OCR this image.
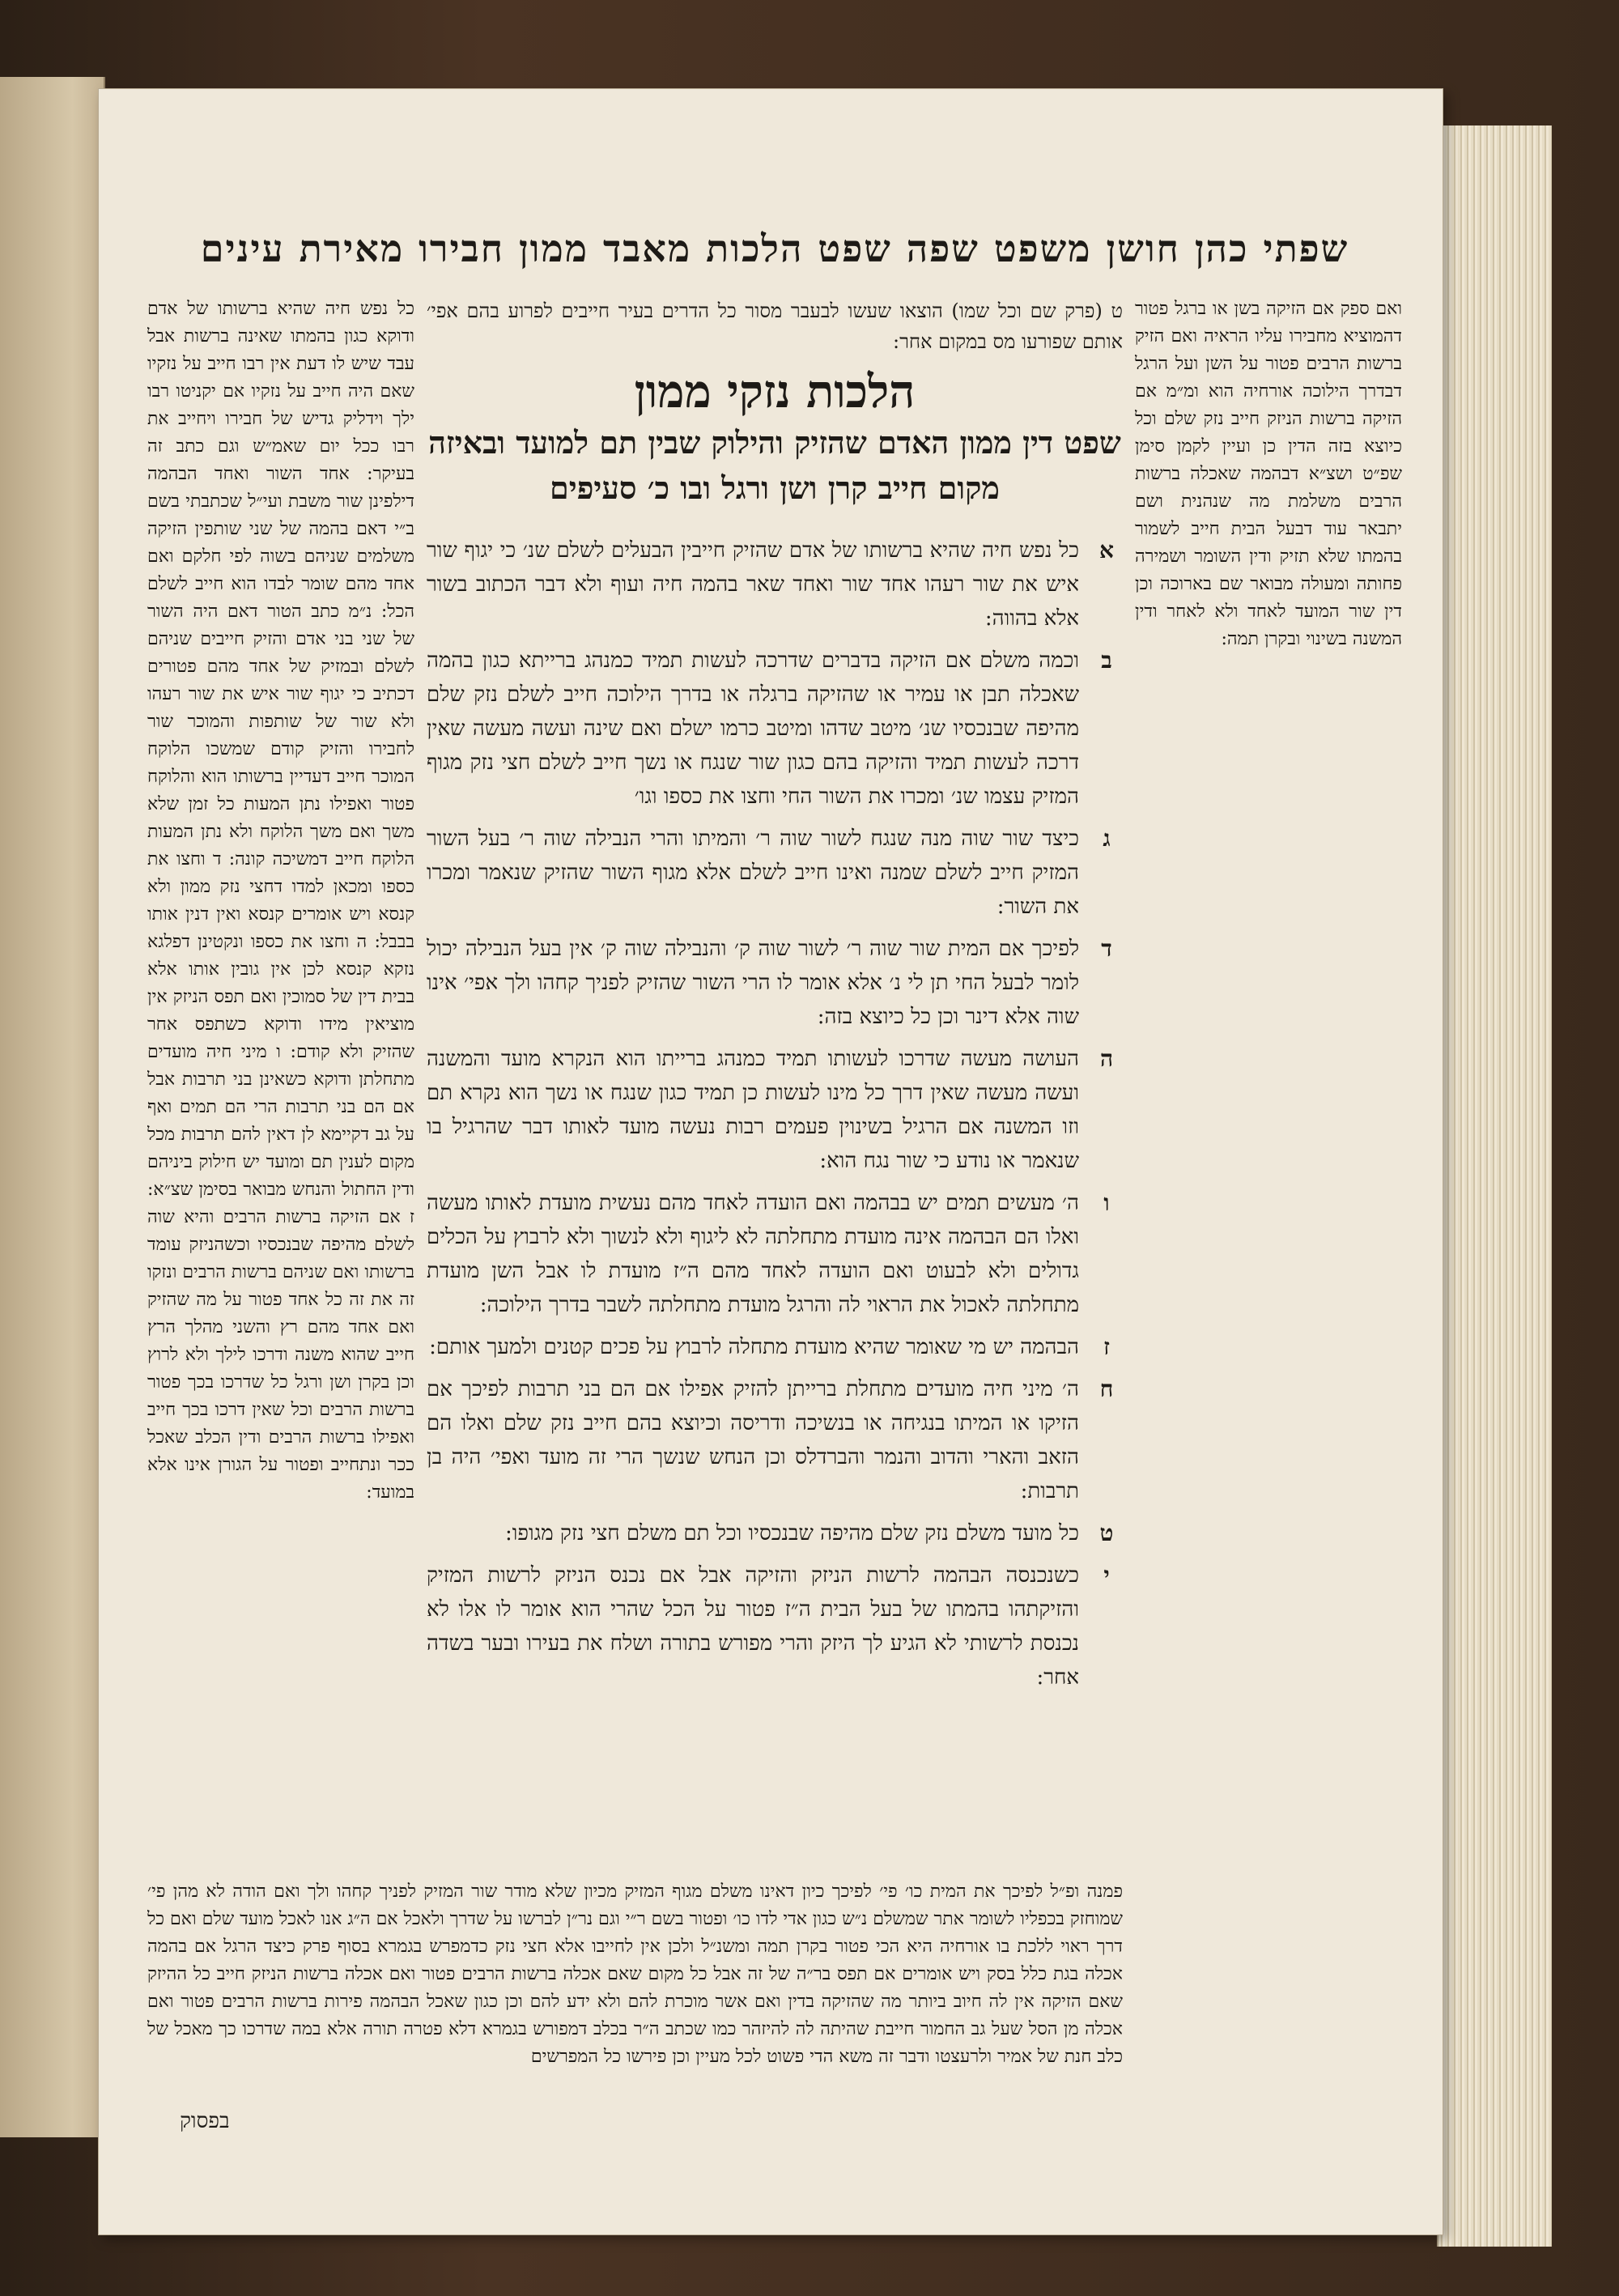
שפתי כהן חושן משפט שפה שפט הלכות מאבד ממון חבירו מאירת עינים
ואם ספק אם הזיקה בשן או ברגל פטור דהמוציא מחבירו עליו הראיה ואם הזיק ברשות הרבים פטור על השן ועל הרגל דבדרך הילוכה אורחיה הוא ומ״מ אם הזיקה ברשות הניזק חייב נזק שלם וכל כיוצא בזה הדין כן ועיין לקמן סימן שפ״ט ושצ״א דבהמה שאכלה ברשות הרבים משלמת מה שנהנית ושם יתבאר עוד דבעל הבית חייב לשמור בהמתו שלא תזיק ודין השומר ושמירה פחותה ומעולה מבואר שם בארוכה וכן דין שור המועד לאחד ולא לאחר ודין המשנה בשינוי ובקרן תמה:
ט (פרק שם וכל שמו) הוצאו שעשו לבעבר מסור כל הדרים בעיר חייבים לפרוע בהם אפי׳ אותם שפורעו מס במקום אחר:
הלכות נזקי ממון
שפט דין ממון האדם שהזיק והילוק שבין תם למועד ובאיזה מקום חייב קרן ושן ורגל ובו כ׳ סעיפים
א
כל נפש חיה שהיא ברשותו של אדם שהזיק חייבין הבעלים לשלם שנ׳ כי יגוף שור איש את שור רעהו אחד שור ואחד שאר בהמה חיה ועוף ולא דבר הכתוב בשור אלא בהווה:
ב
וכמה משלם אם הזיקה בדברים שדרכה לעשות תמיד כמנהג ברייתא כגון בהמה שאכלה תבן או עמיר או שהזיקה ברגלה או בדרך הילוכה חייב לשלם נזק שלם מהיפה שבנכסיו שנ׳ מיטב שדהו ומיטב כרמו ישלם ואם שינה ועשה מעשה שאין דרכה לעשות תמיד והזיקה בהם כגון שור שנגח או נשך חייב לשלם חצי נזק מגוף המזיק עצמו שנ׳ ומכרו את השור החי וחצו את כספו וגו׳
ג
כיצד שור שוה מנה שנגח לשור שוה ר׳ והמיתו והרי הנבילה שוה ר׳ בעל השור המזיק חייב לשלם שמנה ואינו חייב לשלם אלא מגוף השור שהזיק שנאמר ומכרו את השור:
ד
לפיכך אם המית שור שוה ר׳ לשור שוה ק׳ והנבילה שוה ק׳ אין בעל הנבילה יכול לומר לבעל החי תן לי נ׳ אלא אומר לו הרי השור שהזיק לפניך קחהו ולך אפי׳ אינו שוה אלא דינר וכן כל כיוצא בזה:
ה
העושה מעשה שדרכו לעשותו תמיד כמנהג ברייתו הוא הנקרא מועד והמשנה ועשה מעשה שאין דרך כל מינו לעשות כן תמיד כגון שנגח או נשך הוא נקרא תם וזו המשנה אם הרגיל בשינוין פעמים רבות נעשה מועד לאותו דבר שהרגיל בו שנאמר או נודע כי שור נגח הוא:
ו
ה׳ מעשים תמים יש בבהמה ואם הועדה לאחד מהם נעשית מועדת לאותו מעשה ואלו הם הבהמה אינה מועדת מתחלתה לא ליגוף ולא לנשוך ולא לרבוץ על הכלים גדולים ולא לבעוט ואם הועדה לאחד מהם ה״ז מועדת לו אבל השן מועדת מתחלתה לאכול את הראוי לה והרגל מועדת מתחלתה לשבר בדרך הילוכה:
ז
הבהמה יש מי שאומר שהיא מועדת מתחלה לרבוץ על פכים קטנים ולמעך אותם:
ח
ה׳ מיני חיה מועדים מתחלת ברייתן להזיק אפילו אם הם בני תרבות לפיכך אם הזיקו או המיתו בנגיחה או בנשיכה ודריסה וכיוצא בהם חייב נזק שלם ואלו הם הזאב והארי והדוב והנמר והברדלס וכן הנחש שנשך הרי זה מועד ואפי׳ היה בן תרבות:
ט
כל מועד משלם נזק שלם מהיפה שבנכסיו וכל תם משלם חצי נזק מגופו:
י
כשנכנסה הבהמה לרשות הניזק והזיקה אבל אם נכנס הניזק לרשות המזיק והזיקתהו בהמתו של בעל הבית ה״ז פטור על הכל שהרי הוא אומר לו אלו לא נכנסת לרשותי לא הגיע לך היזק והרי מפורש בתורה ושלח את בעירו ובער בשדה אחר:
כל נפש חיה שהיא ברשותו של אדם ודוקא כגון בהמתו שאינה ברשות אבל עבד שיש לו דעת אין רבו חייב על נזקיו שאם היה חייב על נזקיו אם יקניטו רבו ילך וידליק גדיש של חבירו ויחייב את רבו ככל יום שאמ״ש וגם כתב זה בעיקר: אחד השור ואחד הבהמה דילפינן שור משבת ועי״ל שכתבתי בשם ב״י דאם בהמה של שני שותפין הזיקה משלמים שניהם בשוה לפי חלקם ואם אחד מהם שומר לבדו הוא חייב לשלם הכל: נ״מ כתב הטור דאם היה השור של שני בני אדם והזיק חייבים שניהם לשלם ובמזיק של אחד מהם פטורים דכתיב כי יגוף שור איש את שור רעהו ולא שור של שותפות והמוכר שור לחבירו והזיק קודם שמשכו הלוקח המוכר חייב דעדיין ברשותו הוא והלוקח פטור ואפילו נתן המעות כל זמן שלא משך ואם משך הלוקח ולא נתן המעות הלוקח חייב דמשיכה קונה: ד וחצו את כספו ומכאן למדו דחצי נזק ממון ולא קנסא ויש אומרים קנסא ואין דנין אותו בבבל: ה וחצו את כספו ונקטינן דפלגא נזקא קנסא לכן אין גובין אותו אלא בבית דין של סמוכין ואם תפס הניזק אין מוציאין מידו ודוקא כשתפס אחר שהזיק ולא קודם: ו מיני חיה מועדים מתחלתן ודוקא כשאינן בני תרבות אבל אם הם בני תרבות הרי הם תמים ואף על גב דקיימא לן דאין להם תרבות מכל מקום לענין תם ומועד יש חילוק ביניהם ודין החתול והנחש מבואר בסימן שצ״א: ז אם הזיקה ברשות הרבים והיא שוה לשלם מהיפה שבנכסיו וכשהניזק עומד ברשותו ואם שניהם ברשות הרבים ונזקו זה את זה כל אחד פטור על מה שהזיק ואם אחד מהם רץ והשני מהלך הרץ חייב שהוא משנה ודרכו לילך ולא לרוץ וכן בקרן ושן ורגל כל שדרכו בכך פטור ברשות הרבים וכל שאין דרכו בכך חייב ואפילו ברשות הרבים ודין הכלב שאכל ככר ונתחייב ופטור על הגורן אינו אלא במועד:
פמנה ופ״ל לפיכך את המית כו׳ פי׳ לפיכך כיון דאינו משלם מגוף המזיק מכיון שלא מודר שור המזיק לפניך קחהו ולך ואם הודה לא מהן פי׳ שמוחזק בכפליו לשומר אתר שמשלם נ״ש כגון אדי לדו כו׳ ופטור בשם ר״י וגם נר״ן לברשו על שדרך ולאכל אם ה״ג אנו לאכל מועד שלם ואם כל דרך ראוי ללכת בו אורחיה היא הכי פטור בקרן תמה ומשנ״ל ולכן אין לחייבו אלא חצי נזק כדמפרש בגמרא בסוף פרק כיצד הרגל אם בהמה אכלה בגת כלל בסק ויש אומרים אם תפס בר״ה של זה אבל כל מקום שאם אכלה ברשות הרבים פטור ואם אכלה ברשות הניזק חייב כל ההיזק שאם הזיקה אין לה חיוב ביותר מה שהזיקה בדין ואם אשר מוכרת להם ולא ידע להם וכן כגון שאכל הבהמה פירות ברשות הרבים פטור ואם אכלה מן הסל שעל גב החמור חייבת שהיתה לה להיזהר כמו שכתב ה״ר בכלב דמפורש בגמרא דלא פטרה תורה אלא במה שדרכו כך מאכל של כלב חנת של אמיר ולרעצטו ודבר זה משא הדי פשוט לכל מעיין וכן פירשו כל המפרשים
בפסוק
